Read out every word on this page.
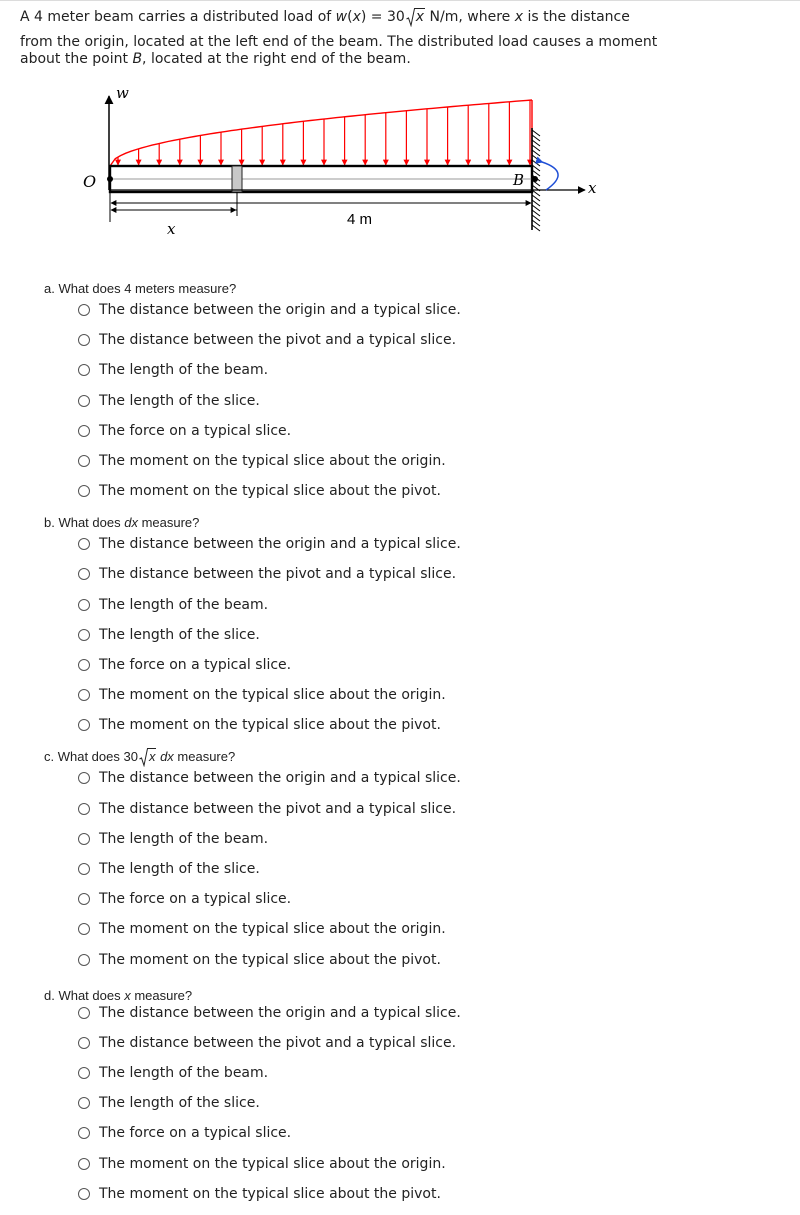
A 4 meter beam carries a distributed load of w(x) = 30 x N/m, where x is the distance
from the origin, located at the left end of the beam. The distributed load causes a moment
about the point B, located at the right end of the beam.
w
O	x
B
x
4 m
a. What does 4 meters measure?
The distance between the origin and a typical slice.
The distance between the pivot and a typical slice.
The length of the beam.
The length of the slice.
The force on a typical slice.
The moment on the typical slice about the origin.
The moment on the typical slice about the pivot.
b. What does dx measure?
The distance between the origin and a typical slice.
The distance between the pivot and a typical slice.
The length of the beam.
The length of the slice.
The force on a typical slice.
The moment on the typical slice about the origin.
The moment on the typical slice about the pivot.
c. What does 30 x dx measure?
The distance between the origin and a typical slice.
The distance between the pivot and a typical slice.
The length of the beam.
The length of the slice.
The force on a typical slice.
The moment on the typical slice about the origin.
The moment on the typical slice about the pivot.
d. What does x measure?
The distance between the origin and a typical slice.
The distance between the pivot and a typical slice.
The length of the beam.
The length of the slice.
The force on a typical slice.
The moment on the typical slice about the origin.
The moment on the typical slice about the pivot.
